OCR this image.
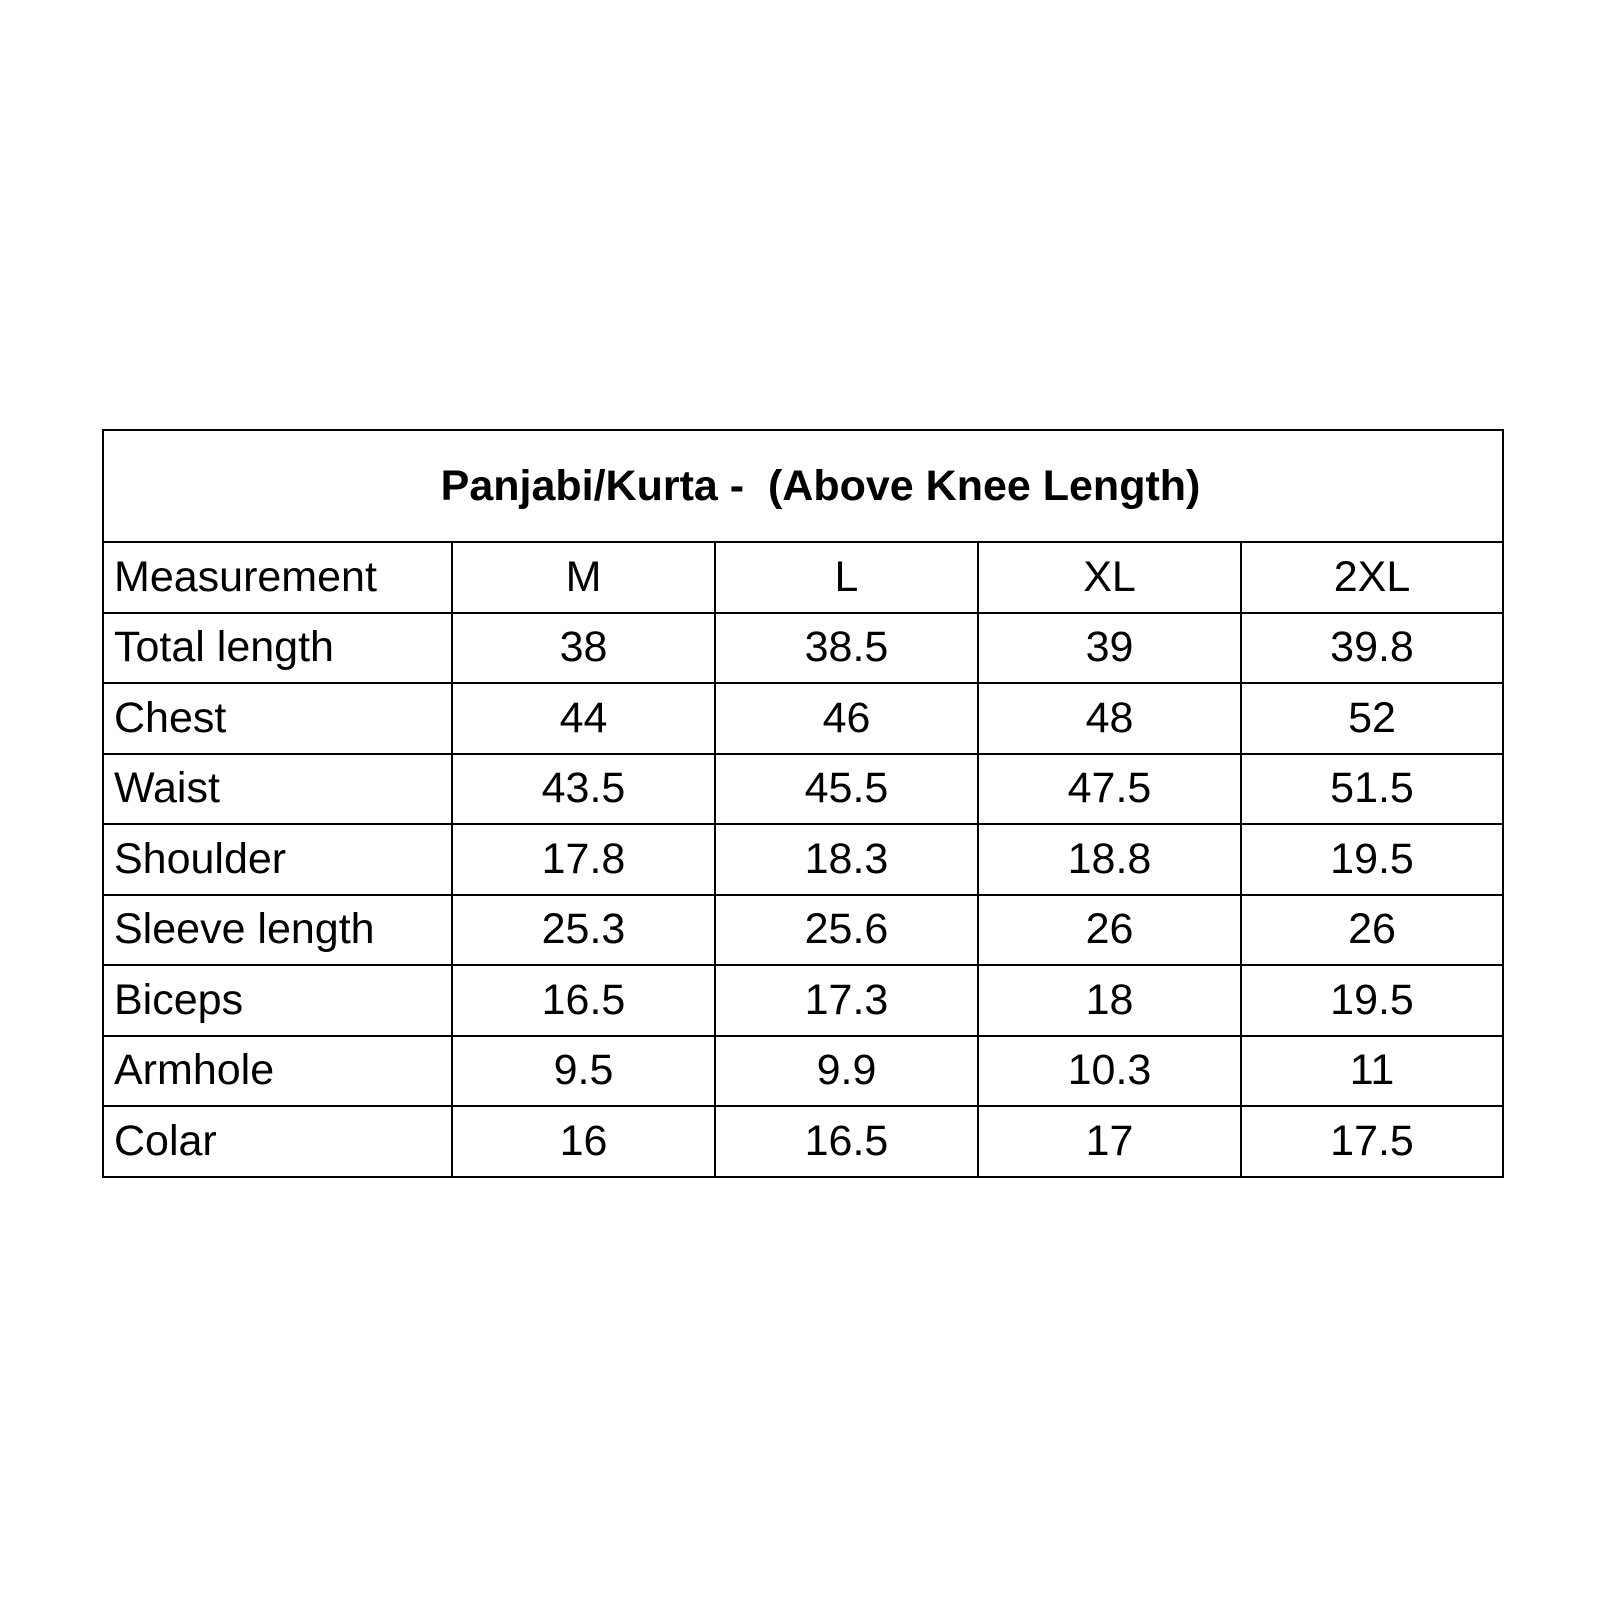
Panjabi/Kurta -  (Above Knee Length)				
Measurement	M	L	XL	2XL
Total length	38	38.5	39	39.8
Chest	44	46	48	52
Waist	43.5	45.5	47.5	51.5
Shoulder	17.8	18.3	18.8	19.5
Sleeve length	25.3	25.6	26	26
Biceps	16.5	17.3	18	19.5
Armhole	9.5	9.9	10.3	11
Colar	16	16.5	17	17.5
